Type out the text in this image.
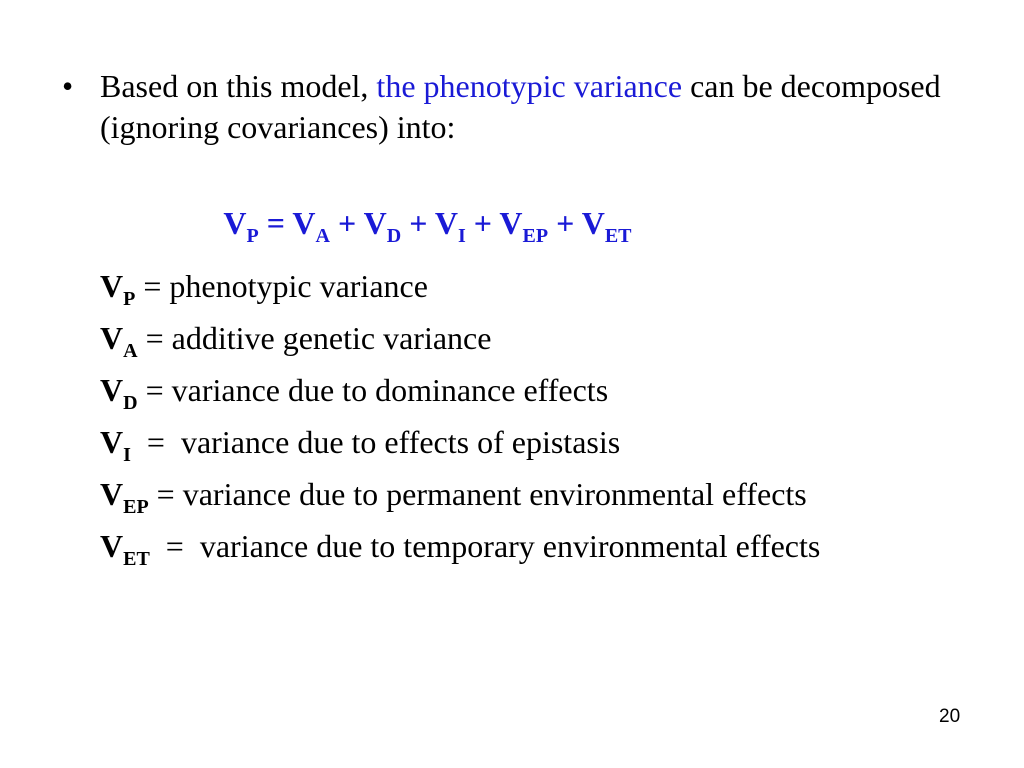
• Based on this model, the phenotypic variance can be decomposed (ignoring covariances) into:

$V_P = V_A + V_D + V_I + V_{EP} + V_{ET}$

$V_P$ = phenotypic variance
$V_A$ = additive genetic variance
$V_D$ = variance due to dominance effects
$V_I$  =  variance due to effects of epistasis
$V_{EP}$ = variance due to permanent environmental effects
$V_{ET}$  =  variance due to temporary environmental effects
20
